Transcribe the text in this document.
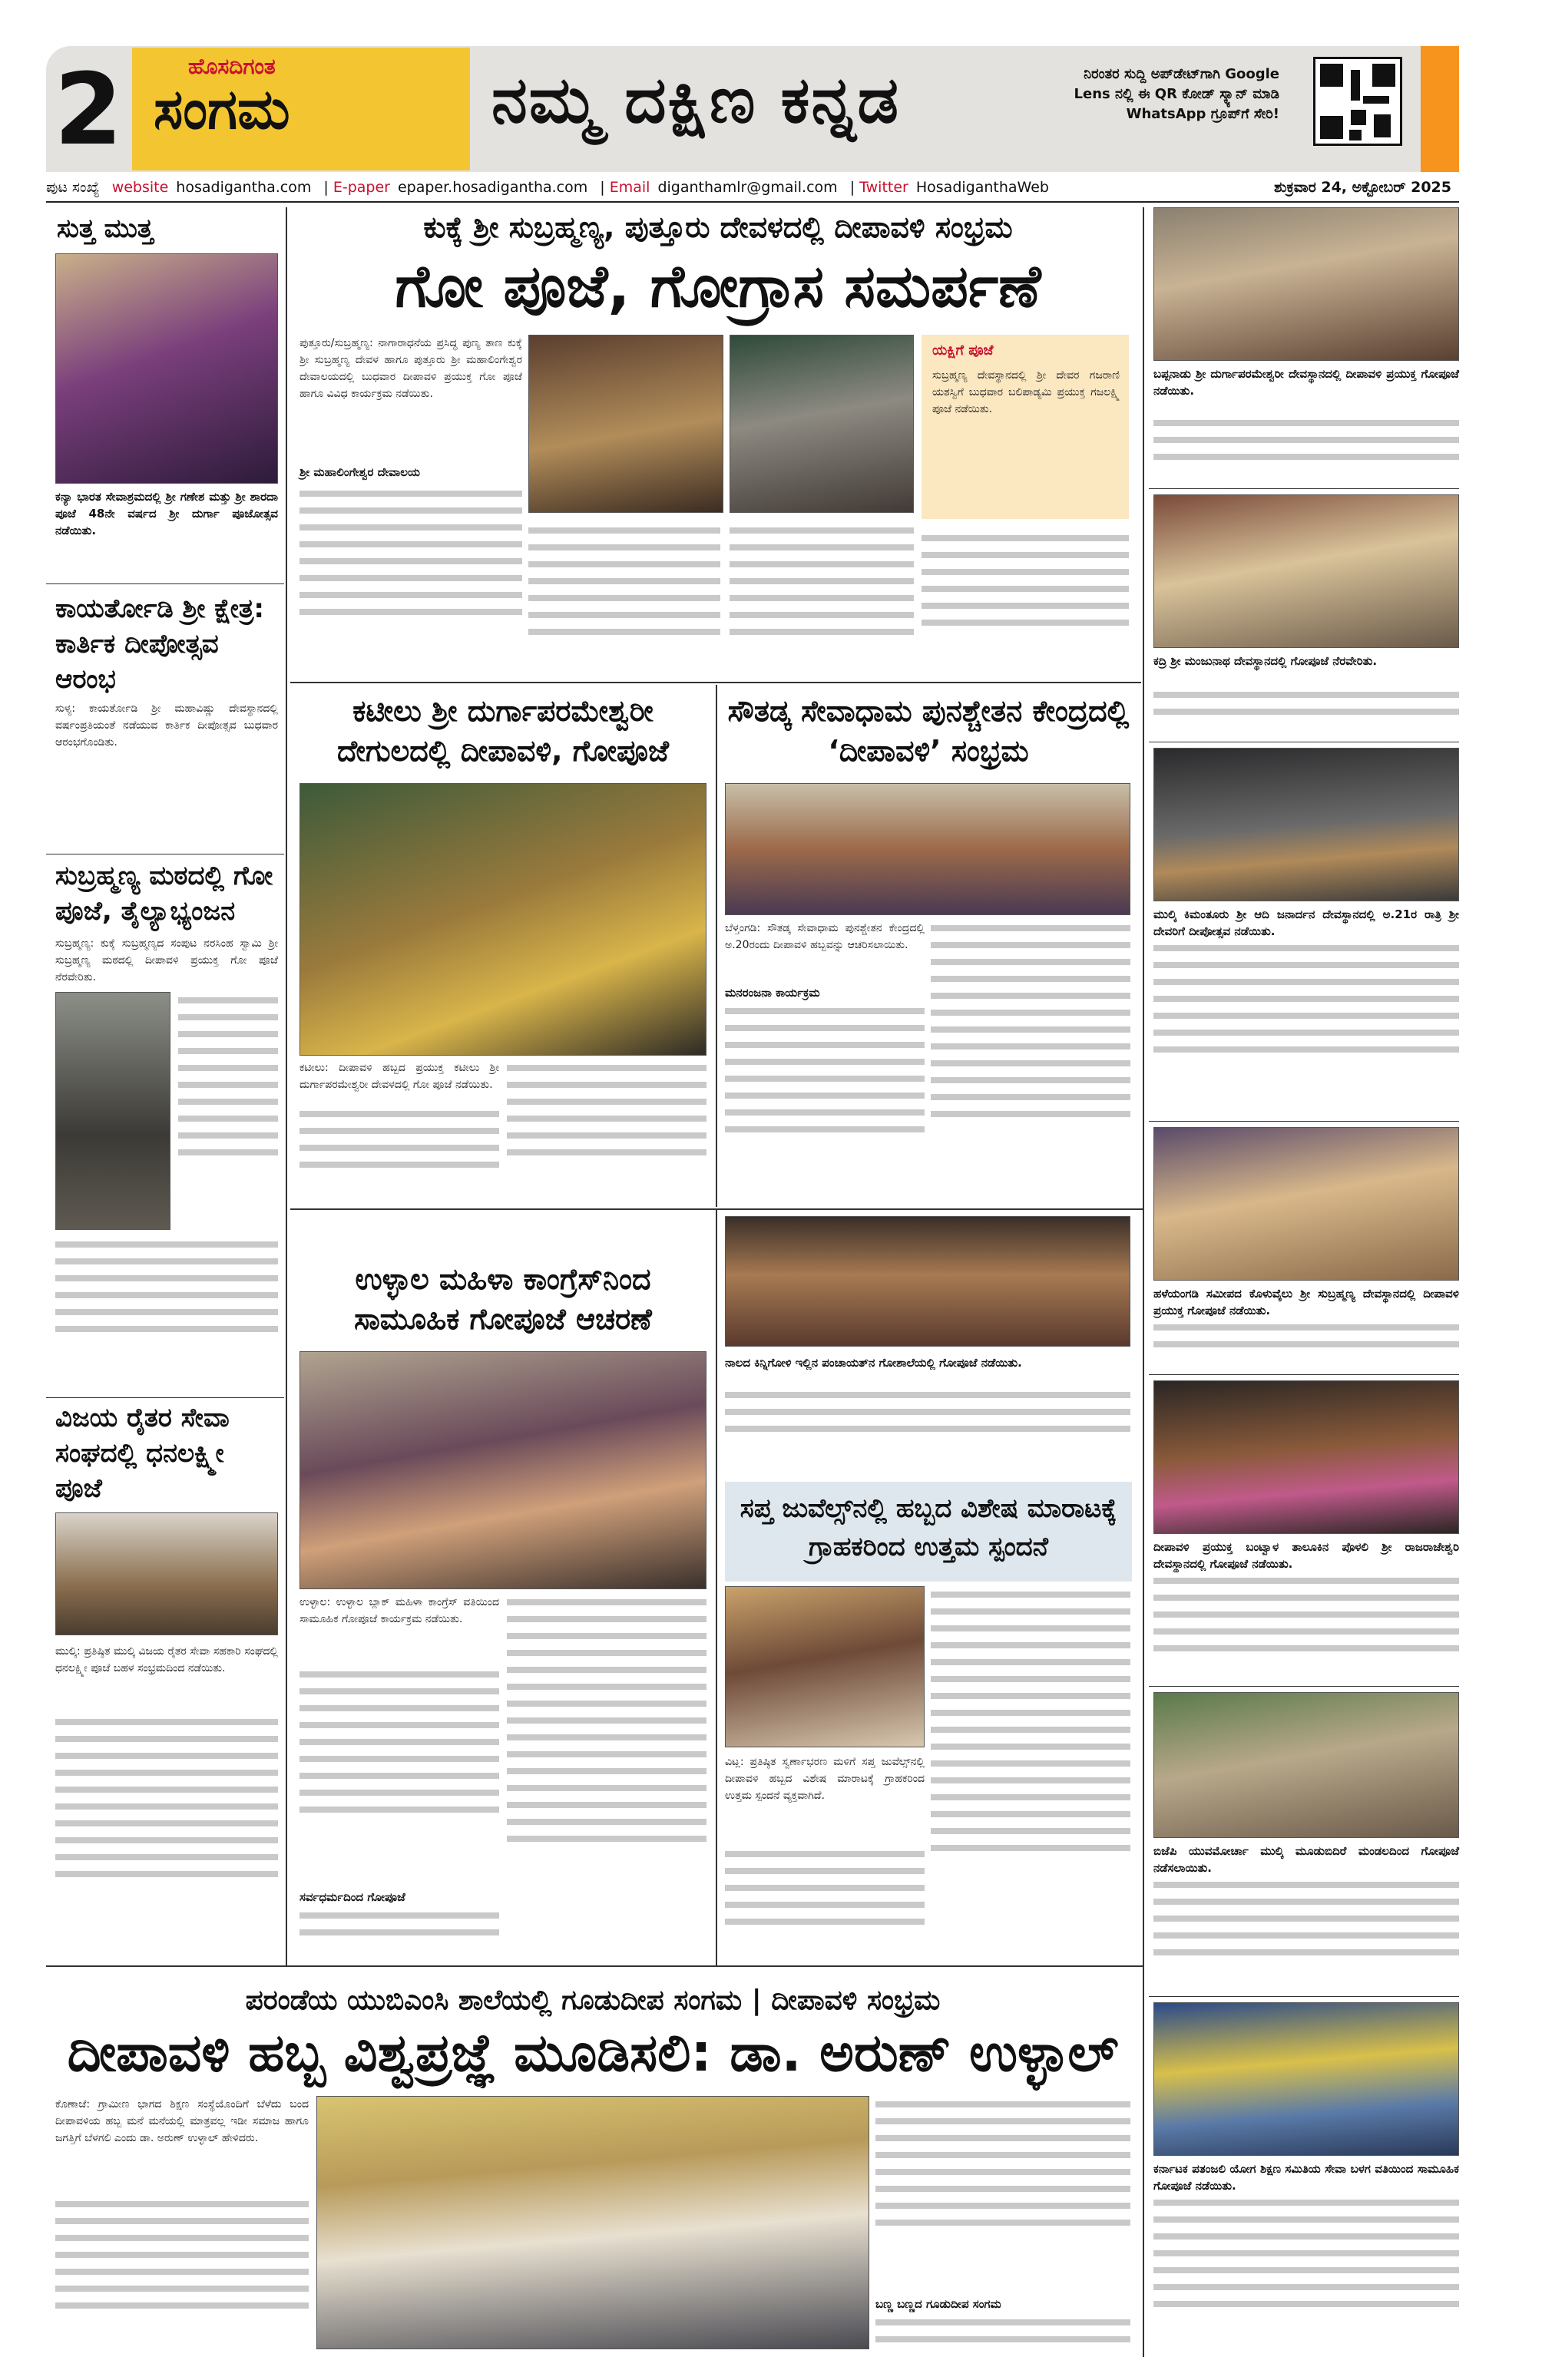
2	ಹೊಸದಿಗಂತ
ಸಂಗಮ	ನಮ್ಮ ದಕ್ಷಿಣ ಕನ್ನಡ	ನಿರಂತರ ಸುದ್ದಿ ಅಪ್‌ಡೇಟ್‌ಗಾಗಿ Google Lens ನಲ್ಲಿ ಈ QR ಕೋಡ್ ಸ್ಕ್ಯಾನ್ ಮಾಡಿ WhatsApp ಗ್ರೂಪ್‌ಗೆ ಸೇರಿ!
ಪುಟ ಸಂಖ್ಯೆ website hosadigantha.com | E-paper epaper.hosadigantha.com | Email diganthamlr@gmail.com | Twitter HosadiganthaWeb	ಶುಕ್ರವಾರ 24, ಅಕ್ಟೋಬರ್ 2025
ಸುತ್ತ ಮುತ್ತ
ಕನ್ಯಾ ಭಾರತ ಸೇವಾಶ್ರಮದಲ್ಲಿ ಶ್ರೀ ಗಣೇಶ ಮತ್ತು ಶ್ರೀ ಶಾರದಾ ಪೂಜೆ 48ನೇ ವರ್ಷದ ಶ್ರೀ ದುರ್ಗಾ ಪೂಜೋತ್ಸವ ನಡೆಯಿತು.
ಕಾಯರ್ತೋಡಿ ಶ್ರೀ ಕ್ಷೇತ್ರ: ಕಾರ್ತಿಕ ದೀಪೋತ್ಸವ ಆರಂಭ
ಸುಳ್ಯ: ಕಾಯರ್ತೋಡಿ ಶ್ರೀ ಮಹಾವಿಷ್ಣು ದೇವಸ್ಥಾನದಲ್ಲಿ ವರ್ಷಂಪ್ರತಿಯಂತೆ ನಡೆಯುವ ಕಾರ್ತಿಕ ದೀಪೋತ್ಸವ ಬುಧವಾರ ಆರಂಭಗೊಂಡಿತು.
ಸುಬ್ರಹ್ಮಣ್ಯ ಮಠದಲ್ಲಿ ಗೋ ಪೂಜೆ, ತೈಲ್ಯಾಭ್ಯಂಜನ
ಸುಬ್ರಹ್ಮಣ್ಯ: ಕುಕ್ಕೆ ಸುಬ್ರಹ್ಮಣ್ಯದ ಸಂಪುಟ ನರಸಿಂಹ ಸ್ವಾಮಿ ಶ್ರೀ ಸುಬ್ರಹ್ಮಣ್ಯ ಮಠದಲ್ಲಿ ದೀಪಾವಳಿ ಪ್ರಯುಕ್ತ ಗೋ ಪೂಜೆ ನೆರವೇರಿತು.
ವಿಜಯ ರೈತರ ಸೇವಾ ಸಂಘದಲ್ಲಿ ಧನಲಕ್ಷ್ಮೀ ಪೂಜೆ
ಮುಲ್ಕಿ: ಪ್ರತಿಷ್ಠಿತ ಮುಲ್ಕಿ ವಿಜಯ ರೈತರ ಸೇವಾ ಸಹಕಾರಿ ಸಂಘದಲ್ಲಿ ಧನಲಕ್ಷ್ಮೀ ಪೂಜೆ ಬಹಳ ಸಂಭ್ರಮದಿಂದ ನಡೆಯಿತು.
ಕುಕ್ಕೆ ಶ್ರೀ ಸುಬ್ರಹ್ಮಣ್ಯ, ಪುತ್ತೂರು ದೇವಳದಲ್ಲಿ ದೀಪಾವಳಿ ಸಂಭ್ರಮ
ಗೋ ಪೂಜೆ, ಗೋಗ್ರಾಸ ಸಮರ್ಪಣೆ
ಪುತ್ತೂರು/ಸುಬ್ರಹ್ಮಣ್ಯ: ನಾಗಾರಾಧನೆಯ ಪ್ರಸಿದ್ಧ ಪುಣ್ಯ ತಾಣ ಕುಕ್ಕೆ ಶ್ರೀ ಸುಬ್ರಹ್ಮಣ್ಯ ದೇವಳ ಹಾಗೂ ಪುತ್ತೂರು ಶ್ರೀ ಮಹಾಲಿಂಗೇಶ್ವರ ದೇವಾಲಯದಲ್ಲಿ ಬುಧವಾರ ದೀಪಾವಳಿ ಪ್ರಯುಕ್ತ ಗೋ ಪೂಜೆ ಹಾಗೂ ವಿವಿಧ ಕಾರ್ಯಕ್ರಮ ನಡೆಯಿತು.
ಶ್ರೀ ಮಹಾಲಿಂಗೇಶ್ವರ ದೇವಾಲಯ
ಯಕ್ಷಿಗೆ ಪೂಜೆ
ಸುಬ್ರಹ್ಮಣ್ಯ ದೇವಸ್ಥಾನದಲ್ಲಿ ಶ್ರೀ ದೇವರ ಗಜರಾಣಿ ಯಶಸ್ವಿಗೆ ಬುಧವಾರ ಬಲಿಪಾಡ್ಯಮಿ ಪ್ರಯುಕ್ತ ಗಜಲಕ್ಷ್ಮಿ ಪೂಜೆ ನಡೆಯಿತು.
ಕಟೀಲು ಶ್ರೀ ದುರ್ಗಾಪರಮೇಶ್ವರೀ ದೇಗುಲದಲ್ಲಿ ದೀಪಾವಳಿ, ಗೋಪೂಜೆ
ಕಟೀಲು: ದೀಪಾವಳಿ ಹಬ್ಬದ ಪ್ರಯುಕ್ತ ಕಟೀಲು ಶ್ರೀ ದುರ್ಗಾಪರಮೇಶ್ವರೀ ದೇವಳದಲ್ಲಿ ಗೋ ಪೂಜೆ ನಡೆಯಿತು.
ಸೌತಡ್ಕ ಸೇವಾಧಾಮ ಪುನಶ್ಚೇತನ ಕೇಂದ್ರದಲ್ಲಿ ‘ದೀಪಾವಳಿ’ ಸಂಭ್ರಮ
ಬೆಳ್ತಂಗಡಿ: ಸೌತಡ್ಕ ಸೇವಾಧಾಮ ಪುನಶ್ಚೇತನ ಕೇಂದ್ರದಲ್ಲಿ ಅ.20ರಂದು ದೀಪಾವಳಿ ಹಬ್ಬವನ್ನು ಆಚರಿಸಲಾಯಿತು.
ಮನರಂಜನಾ ಕಾರ್ಯಕ್ರಮ
ನಾಲದ ಕಿನ್ನಿಗೋಳಿ ಇಲ್ಲಿನ ಪಂಚಾಯತ್‌ನ ಗೋಶಾಲೆಯಲ್ಲಿ ಗೋಪೂಜೆ ನಡೆಯಿತು.
ಉಳ್ಳಾಲ ಮಹಿಳಾ ಕಾಂಗ್ರೆಸ್‌ನಿಂದ ಸಾಮೂಹಿಕ ಗೋಪೂಜೆ ಆಚರಣೆ
ಉಳ್ಳಾಲ: ಉಳ್ಳಾಲ ಬ್ಲಾಕ್ ಮಹಿಳಾ ಕಾಂಗ್ರೆಸ್ ವತಿಯಿಂದ ಸಾಮೂಹಿಕ ಗೋಪೂಜೆ ಕಾರ್ಯಕ್ರಮ ನಡೆಯಿತು.
ಸರ್ವಧರ್ಮದಿಂದ ಗೋಪೂಜೆ
ಸಪ್ತ ಜುವೆಲ್ಸ್‌ನಲ್ಲಿ ಹಬ್ಬದ ವಿಶೇಷ ಮಾರಾಟಕ್ಕೆ ಗ್ರಾಹಕರಿಂದ ಉತ್ತಮ ಸ್ಪಂದನೆ
ವಿಟ್ಲ: ಪ್ರತಿಷ್ಠಿತ ಸ್ವರ್ಣಾಭರಣ ಮಳಿಗೆ ಸಪ್ತ ಜುವೆಲ್ಸ್‌ನಲ್ಲಿ ದೀಪಾವಳಿ ಹಬ್ಬದ ವಿಶೇಷ ಮಾರಾಟಕ್ಕೆ ಗ್ರಾಹಕರಿಂದ ಉತ್ತಮ ಸ್ಪಂದನೆ ವ್ಯಕ್ತವಾಗಿದೆ.
ಪರಂಡೆಯ ಯುಬಿಎಂಸಿ ಶಾಲೆಯಲ್ಲಿ ಗೂಡುದೀಪ ಸಂಗಮ | ದೀಪಾವಳಿ ಸಂಭ್ರಮ
ದೀಪಾವಳಿ ಹಬ್ಬ ವಿಶ್ವಪ್ರಜ್ಞೆ ಮೂಡಿಸಲಿ: ಡಾ. ಅರುಣ್ ಉಳ್ಳಾಲ್
ಕೊಣಾಜೆ: ಗ್ರಾಮೀಣ ಭಾಗದ ಶಿಕ್ಷಣ ಸಂಸ್ಥೆಯೊಂದಿಗೆ ಬೆಳೆದು ಬಂದ ದೀಪಾವಳಿಯ ಹಬ್ಬ ಮನೆ ಮನೆಯಲ್ಲಿ ಮಾತ್ರವಲ್ಲ ಇಡೀ ಸಮಾಜ ಹಾಗೂ ಜಗತ್ತಿಗೆ ಬೆಳಗಲಿ ಎಂದು ಡಾ. ಅರುಣ್ ಉಳ್ಳಾಲ್ ಹೇಳಿದರು.
ಬಣ್ಣ ಬಣ್ಣದ ಗೂಡುದೀಪ ಸಂಗಮ
ಬಪ್ಪನಾಡು ಶ್ರೀ ದುರ್ಗಾಪರಮೇಶ್ವರೀ ದೇವಸ್ಥಾನದಲ್ಲಿ ದೀಪಾವಳಿ ಪ್ರಯುಕ್ತ ಗೋಪೂಜೆ ನಡೆಯಿತು.
ಕದ್ರಿ ಶ್ರೀ ಮಂಜುನಾಥ ದೇವಸ್ಥಾನದಲ್ಲಿ ಗೋಪೂಜೆ ನೆರವೇರಿತು.
ಮುಲ್ಕಿ ಕಿಮಂತೂರು ಶ್ರೀ ಆದಿ ಜನಾರ್ದನ ದೇವಸ್ಥಾನದಲ್ಲಿ ಅ.21ರ ರಾತ್ರಿ ಶ್ರೀ ದೇವರಿಗೆ ದೀಪೋತ್ಸವ ನಡೆಯಿತು.
ಹಳೆಯಂಗಡಿ ಸಮೀಪದ ಕೊಳುವೈಲು ಶ್ರೀ ಸುಬ್ರಹ್ಮಣ್ಯ ದೇವಸ್ಥಾನದಲ್ಲಿ ದೀಪಾವಳಿ ಪ್ರಯುಕ್ತ ಗೋಪೂಜೆ ನಡೆಯಿತು.
ದೀಪಾವಳಿ ಪ್ರಯುಕ್ತ ಬಂಟ್ವಾಳ ತಾಲೂಕಿನ ಪೊಳಲಿ ಶ್ರೀ ರಾಜರಾಜೇಶ್ವರಿ ದೇವಸ್ಥಾನದಲ್ಲಿ ಗೋಪೂಜೆ ನಡೆಯಿತು.
ಬಿಜೆಪಿ ಯುವಮೋರ್ಚಾ ಮುಲ್ಕಿ ಮೂಡುಬಿದಿರೆ ಮಂಡಲದಿಂದ ಗೋಪೂಜೆ ನಡೆಸಲಾಯಿತು.
ಕರ್ನಾಟಕ ಪತಂಜಲಿ ಯೋಗ ಶಿಕ್ಷಣ ಸಮಿತಿಯ ಸೇವಾ ಬಳಗ ವತಿಯಿಂದ ಸಾಮೂಹಿಕ ಗೋಪೂಜೆ ನಡೆಯಿತು.
